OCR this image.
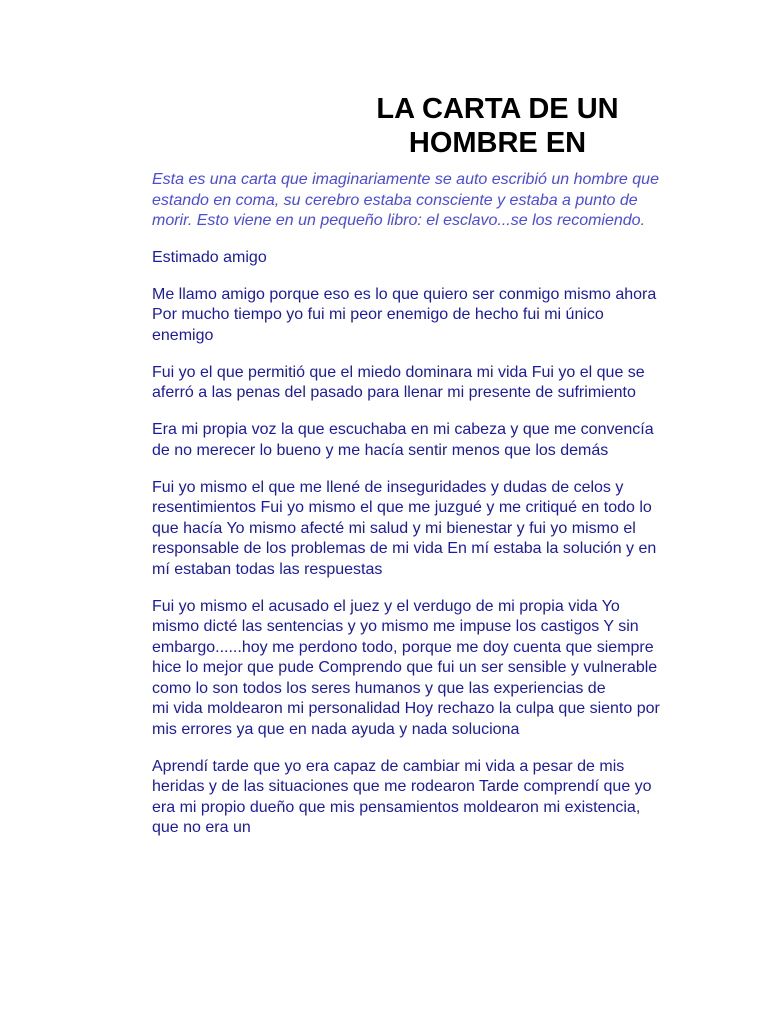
LA CARTA DE UN
HOMBRE EN

Esta es una carta que imaginariamente se auto escribió un hombre que estando en coma, su cerebro estaba consciente y estaba a punto de morir. Esto viene en un pequeño libro: el esclavo...se los recomiendo.

Estimado amigo

Me llamo amigo porque eso es lo que quiero ser conmigo mismo ahora Por mucho tiempo yo fui mi peor enemigo de hecho fui mi único enemigo

Fui yo el que permitió que el miedo dominara mi vida Fui yo el que se aferró a las penas del pasado para llenar mi presente de sufrimiento

Era mi propia voz la que escuchaba en mi cabeza y que me convencía de no merecer lo bueno y me hacía sentir menos que los demás

Fui yo mismo el que me llené de inseguridades y dudas de celos y resentimientos Fui yo mismo el que me juzgué y me critiqué en todo lo que hacía Yo mismo afecté mi salud y mi bienestar y fui yo mismo el responsable de los problemas de mi vida En mí estaba la solución y en mí estaban todas las respuestas

Fui yo mismo el acusado el juez y el verdugo de mi propia vida Yo mismo dicté las sentencias y yo mismo me impuse los castigos Y sin embargo......hoy me perdono todo, porque me doy cuenta que siempre hice lo mejor que pude Comprendo que fui un ser sensible y vulnerable como lo son todos los seres humanos y que las experiencias de
mi vida moldearon mi personalidad Hoy rechazo la culpa que siento por mis errores ya que en nada ayuda y nada soluciona

Aprendí tarde que yo era capaz de cambiar mi vida a pesar de mis heridas y de las situaciones que me rodearon Tarde comprendí que yo era mi propio dueño que mis pensamientos moldearon mi existencia, que no era un
